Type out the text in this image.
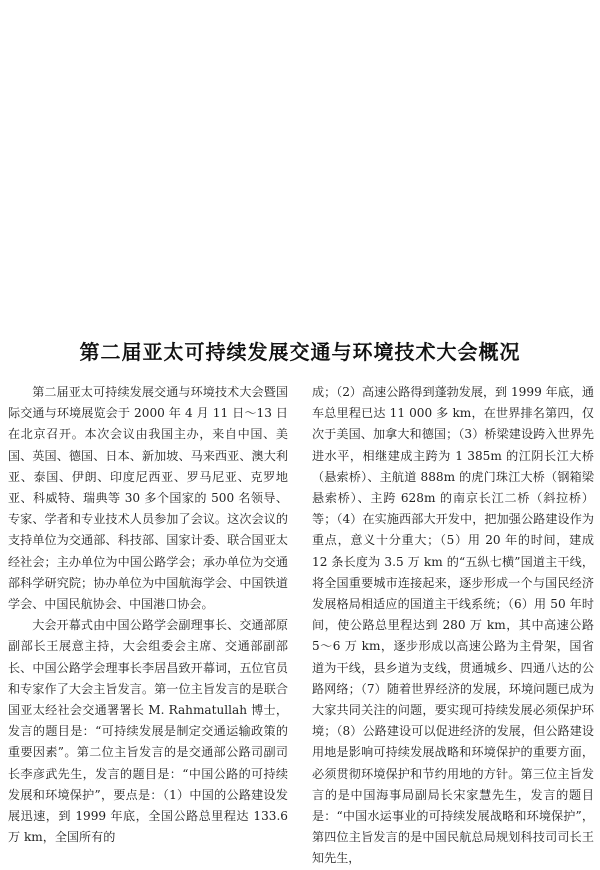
第二届亚太可持续发展交通与环境技术大会概况

第二届亚太可持续发展交通与环境技术大会暨国际交通与环境展览会于 2000 年 4 月 11 日～13 日在北京召开。本次会议由我国主办，来自中国、美国、英国、德国、日本、新加坡、马来西亚、澳大利亚、泰国、伊朗、印度尼西亚、罗马尼亚、克罗地亚、科威特、瑞典等 30 多个国家的 500 名领导、专家、学者和专业技术人员参加了会议。这次会议的支持单位为交通部、科技部、国家计委、联合国亚太经社会；主办单位为中国公路学会；承办单位为交通部科学研究院；协办单位为中国航海学会、中国铁道学会、中国民航协会、中国港口协会。

大会开幕式由中国公路学会副理事长、交通部原副部长王展意主持，大会组委会主席、交通部副部长、中国公路学会理事长李居昌致开幕词，五位官员和专家作了大会主旨发言。第一位主旨发言的是联合国亚太经社会交通署署长 M. Rahmatullah 博士，发言的题目是：“可持续发展是制定交通运输政策的重要因素”。第二位主旨发言的是交通部公路司副司长李彦武先生，发言的题目是：“中国公路的可持续发展和环境保护”，要点是：（1）中国的公路建设发展迅速，到 1999 年底，全国公路总里程达 133.6 万 km，全国所有的

成；（2）高速公路得到蓬勃发展，到 1999 年底，通车总里程已达 11 000 多 km，在世界排名第四，仅次于美国、加拿大和德国；（3）桥梁建设跨入世界先进水平，相继建成主跨为 1 385m 的江阴长江大桥（悬索桥）、主航道 888m 的虎门珠江大桥（钢箱梁悬索桥）、主跨 628m 的南京长江二桥（斜拉桥）等；（4）在实施西部大开发中，把加强公路建设作为重点，意义十分重大；（5）用 20 年的时间，建成 12 条长度为 3.5 万 km 的“五纵七横”国道主干线，将全国重要城市连接起来，逐步形成一个与国民经济发展格局相适应的国道主干线系统；（6）用 50 年时间，使公路总里程达到 280 万 km，其中高速公路 5～6 万 km，逐步形成以高速公路为主骨架，国省道为干线，县乡道为支线，贯通城乡、四通八达的公路网络；（7）随着世界经济的发展，环境问题已成为大家共同关注的问题，要实现可持续发展必须保护环境；（8）公路建设可以促进经济的发展，但公路建设用地是影响可持续发展战略和环境保护的重要方面，必须贯彻环境保护和节约用地的方针。第三位主旨发言的是中国海事局副局长宋家慧先生，发言的题目是：“中国水运事业的可持续发展战略和环境保护”，第四位主旨发言的是中国民航总局规划科技司司长王知先生，
